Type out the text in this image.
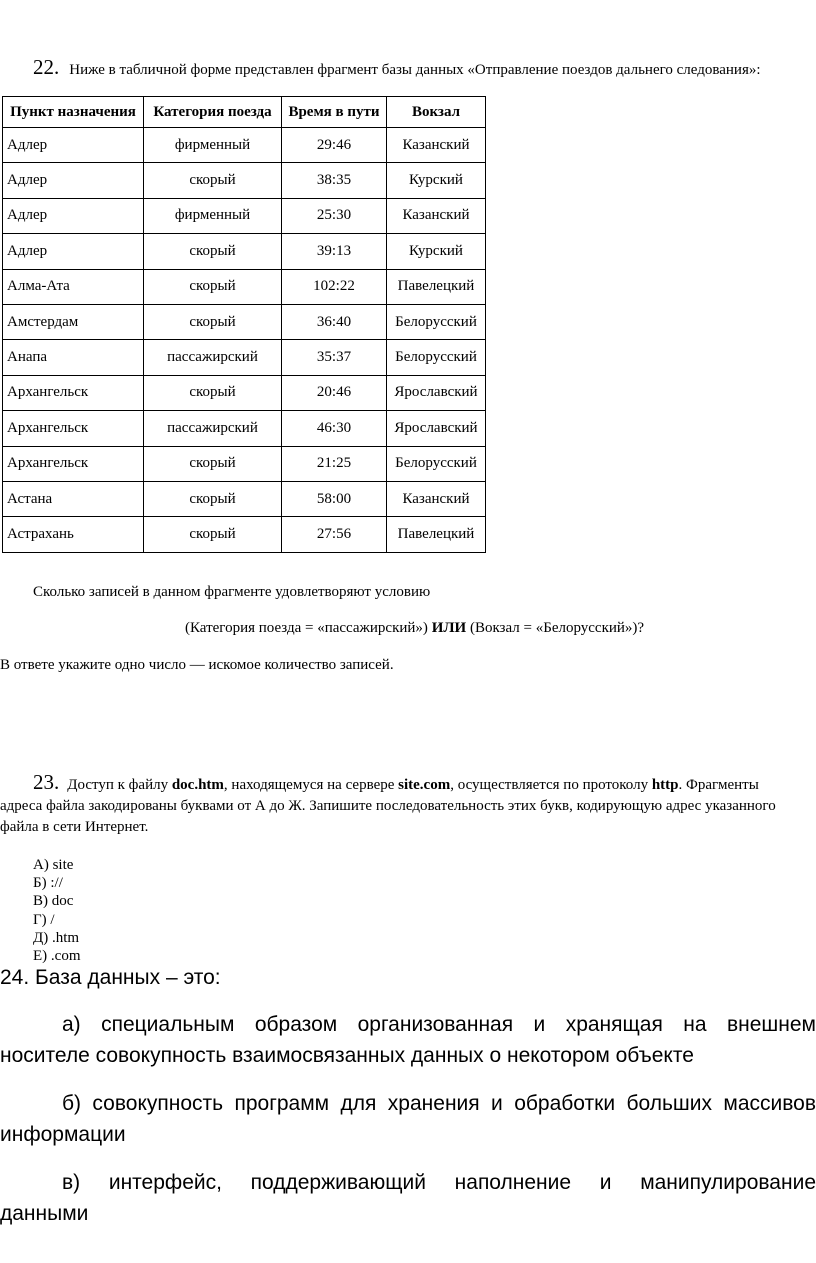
22. Ниже в табличной форме представлен фрагмент базы данных «Отправление поездов дальнего следования»:
Пункт назначения	Категория поезда	Время в пути	Вокзал
Адлер	фирменный	29:46	Казанский
Адлер	скорый	38:35	Курский
Адлер	фирменный	25:30	Казанский
Адлер	скорый	39:13	Курский
Алма-Ата	скорый	102:22	Павелецкий
Амстердам	скорый	36:40	Белорусский
Анапа	пассажирский	35:37	Белорусский
Архангельск	скорый	20:46	Ярославский
Архангельск	пассажирский	46:30	Ярославский
Архангельск	скорый	21:25	Белорусский
Астана	скорый	58:00	Казанский
Астрахань	скорый	27:56	Павелецкий
Сколько записей в данном фрагменте удовлетворяют условию
(Категория поезда = «пассажирский») ИЛИ (Вокзал = «Белорусский»)?
В ответе укажите одно число — искомое количество записей.
23. Доступ к файлу doc.htm, находящемуся на сервере site.com, осуществляется по протоколу http. Фрагменты
адреса файла закодированы буквами от А до Ж. Запишите последовательность этих букв, кодирующую адрес указанного
файла в сети Интернет.
А) site
Б) ://
В) doc
Г) /
Д) .htm
Е) .com
24. База данных – это:
а) специальным образом организованная и хранящая на внешнем
носителе совокупность взаимосвязанных данных о некотором объекте
б) совокупность программ для хранения и обработки больших массивов
информации
в) интерфейс, поддерживающий наполнение и манипулирование
данными
